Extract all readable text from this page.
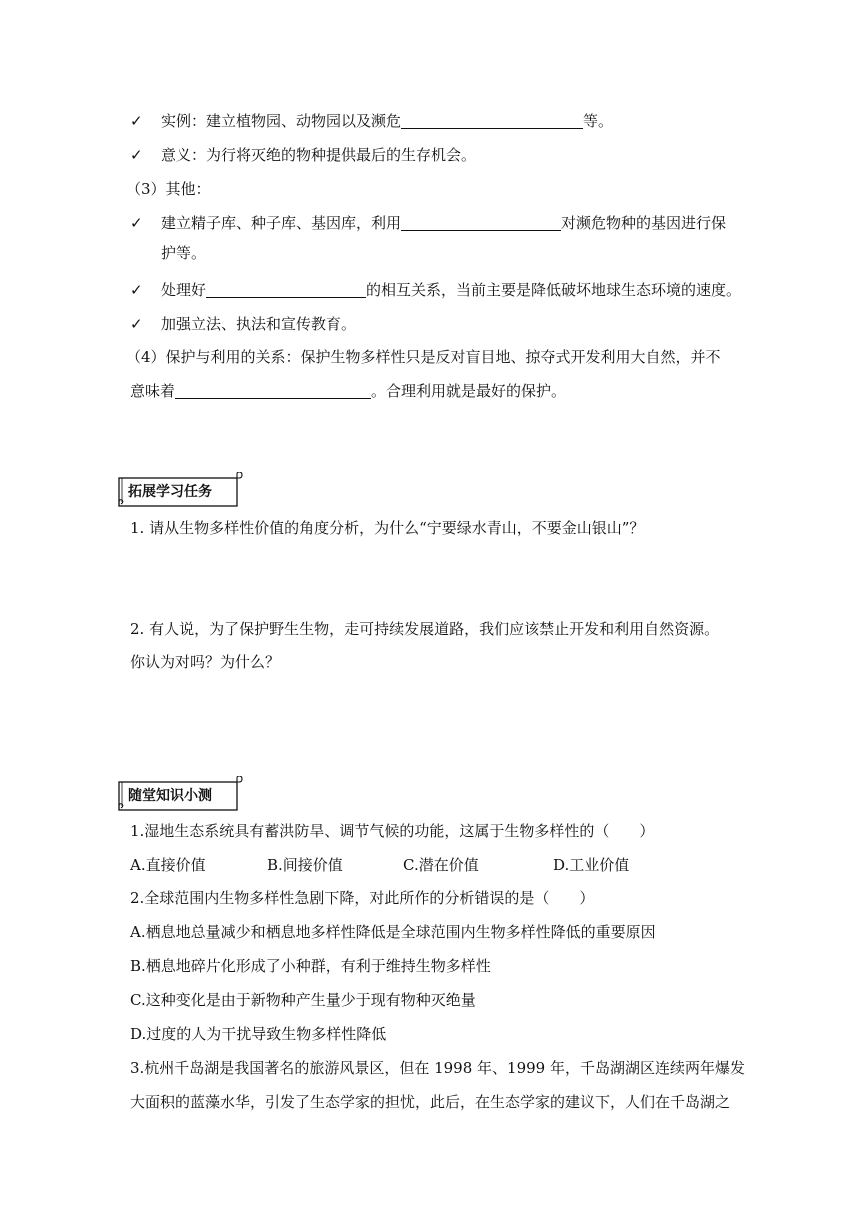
✓ 实例：建立植物园、动物园以及濒危	等。
✓ 意义：为行将灭绝的物种提供最后的生存机会。
（3）其他：
✓ 建立精子库、种子库、基因库，利用	对濒危物种的基因进行保
护等。
✓ 处理好	的相互关系，当前主要是降低破坏地球生态环境的速度。
✓ 加强立法、执法和宣传教育。
（4）保护与利用的关系：保护生物多样性只是反对盲目地、掠夺式开发利用大自然，并不
意味着	。合理利用就是最好的保护。
拓展学习任务
1. 请从生物多样性价值的角度分析，为什么“宁要绿水青山，不要金山银山”？
2. 有人说，为了保护野生生物，走可持续发展道路，我们应该禁止开发和利用自然资源。
你认为对吗？为什么？
随堂知识小测
1.湿地生态系统具有蓄洪防旱、调节气候的功能，这属于生物多样性的（　　）
A.直接价值	B.间接价值	C.潜在价值	D.工业价值
2.全球范围内生物多样性急剧下降，对此所作的分析错误的是（　　）
A.栖息地总量减少和栖息地多样性降低是全球范围内生物多样性降低的重要原因
B.栖息地碎片化形成了小种群，有利于维持生物多样性
C.这种变化是由于新物种产生量少于现有物种灭绝量
D.过度的人为干扰导致生物多样性降低
3.杭州千岛湖是我国著名的旅游风景区，但在 1998 年、1999 年，千岛湖湖区连续两年爆发
大面积的蓝藻水华，引发了生态学家的担忧，此后，在生态学家的建议下，人们在千岛湖之
